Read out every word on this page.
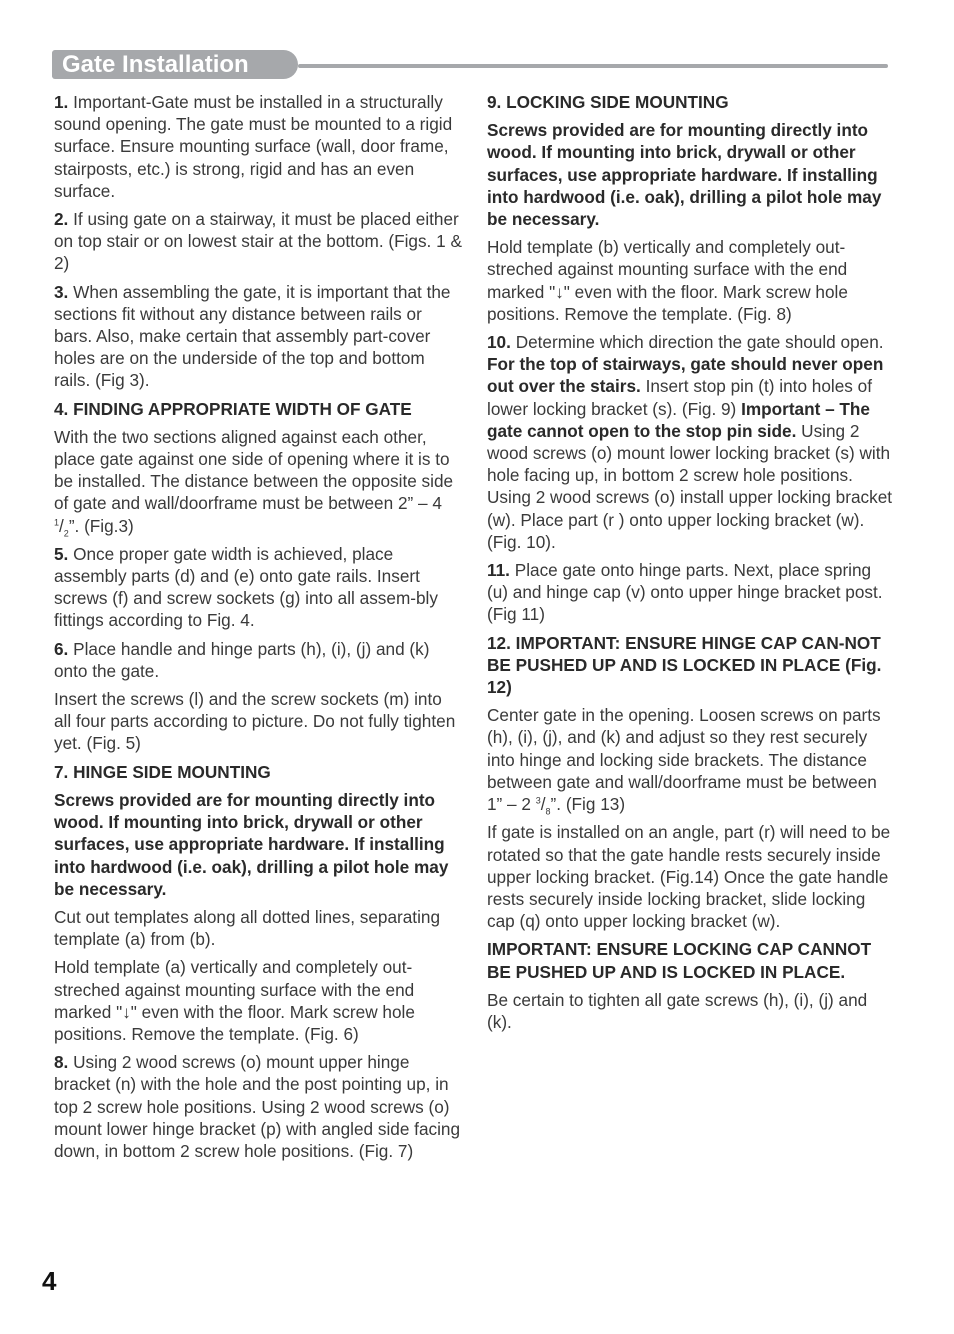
Gate Installation

1. Important-Gate must be installed in a structurally sound opening. The gate must be mounted to a rigid surface. Ensure mounting surface (wall, door frame, stairposts, etc.) is strong, rigid and has an even surface.

2. If using gate on a stairway, it must be placed either on top stair or on lowest stair at the bottom. (Figs. 1 & 2)

3. When assembling the gate, it is important that the sections fit without any distance between rails or bars. Also, make certain that assembly part-cover holes are on the underside of the top and bottom rails. (Fig 3).

4. FINDING APPROPRIATE WIDTH OF GATE

With the two sections aligned against each other, place gate against one side of opening where it is to be installed. The distance between the opposite side of gate and wall/doorframe must be between 2” – 4 $^1/_2$”. (Fig.3)

5. Once proper gate width is achieved, place assembly parts (d) and (e) onto gate rails. Insert screws (f) and screw sockets (g) into all assem-bly fittings according to Fig. 4.

6. Place handle and hinge parts (h), (i), (j) and (k) onto the gate.

Insert the screws (l) and the screw sockets (m) into all four parts according to picture. Do not fully tighten yet. (Fig. 5)

7. HINGE SIDE MOUNTING

Screws provided are for mounting directly into wood. If mounting into brick, drywall or other surfaces, use appropriate hardware. If installing into hardwood (i.e. oak), drilling a pilot hole may be necessary.

Cut out templates along all dotted lines, separating template (a) from (b).

Hold template (a) vertically and completely out-streched against mounting surface with the end marked "↓" even with the floor. Mark screw hole positions. Remove the template. (Fig. 6)

8. Using 2 wood screws (o) mount upper hinge bracket (n) with the hole and the post pointing up, in top 2 screw hole positions. Using 2 wood screws (o) mount lower hinge bracket (p) with angled side facing down, in bottom 2 screw hole positions. (Fig. 7)

9. LOCKING SIDE MOUNTING

Screws provided are for mounting directly into wood. If mounting into brick, drywall or other surfaces, use appropriate hardware. If installing into hardwood (i.e. oak), drilling a pilot hole may be necessary.

Hold template (b) vertically and completely out-streched against mounting surface with the end marked "↓" even with the floor. Mark screw hole positions. Remove the template. (Fig. 8)

10. Determine which direction the gate should open. For the top of stairways, gate should never open out over the stairs. Insert stop pin (t) into holes of lower locking bracket (s). (Fig. 9) Important – The gate cannot open to the stop pin side. Using 2 wood screws (o) mount lower locking bracket (s) with hole facing up, in bottom 2 screw hole positions. Using 2 wood screws (o) install upper locking bracket (w). Place part (r ) onto upper locking bracket (w). (Fig. 10).

11. Place gate onto hinge parts. Next, place spring (u) and hinge cap (v) onto upper hinge bracket post. (Fig 11)

12. IMPORTANT: ENSURE HINGE CAP CAN-NOT BE PUSHED UP AND IS LOCKED IN PLACE (Fig. 12)

Center gate in the opening. Loosen screws on parts (h), (i), (j), and (k) and adjust so they rest securely into hinge and locking side brackets. The distance between gate and wall/doorframe must be between 1” – 2 $^3/_8$”. (Fig 13)

If gate is installed on an angle, part (r) will need to be rotated so that the gate handle rests securely inside upper locking bracket. (Fig.14) Once the gate handle rests securely inside locking bracket, slide locking cap (q) onto upper locking bracket (w).

IMPORTANT: ENSURE LOCKING CAP CANNOT BE PUSHED UP AND IS LOCKED IN PLACE.

Be certain to tighten all gate screws (h), (i), (j) and (k).

4
